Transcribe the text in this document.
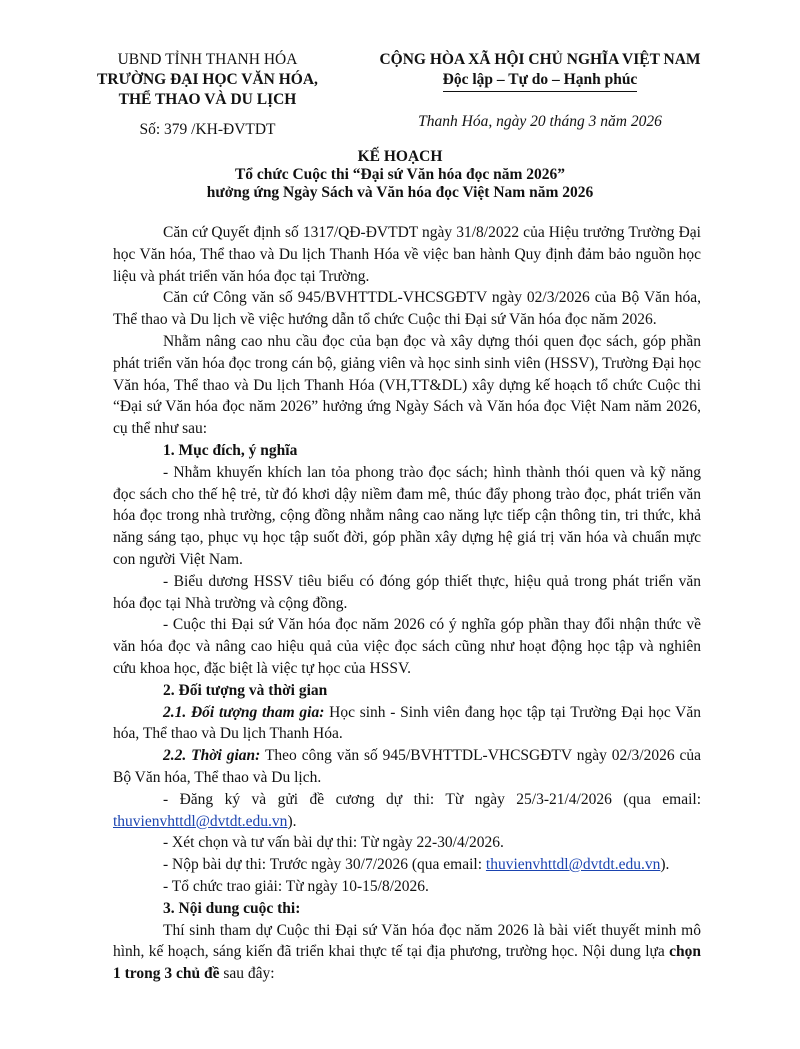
UBND TỈNH THANH HÓA
TRƯỜNG ĐẠI HỌC VĂN HÓA,
THỂ THAO VÀ DU LỊCH
Số: 379 /KH-ĐVTDT
CỘNG HÒA XÃ HỘI CHỦ NGHĨA VIỆT NAM
Độc lập – Tự do – Hạnh phúc
Thanh Hóa, ngày 20 tháng 3 năm 2026
KẾ HOẠCH
Tổ chức Cuộc thi “Đại sứ Văn hóa đọc năm 2026”
hưởng ứng Ngày Sách và Văn hóa đọc Việt Nam năm 2026

Căn cứ Quyết định số 1317/QĐ-ĐVTDT ngày 31/8/2022 của Hiệu trưởng Trường Đại học Văn hóa, Thể thao và Du lịch Thanh Hóa về việc ban hành Quy định đảm bảo nguồn học liệu và phát triển văn hóa đọc tại Trường.

Căn cứ Công văn số 945/BVHTTDL-VHCSGĐTV ngày 02/3/2026 của Bộ Văn hóa, Thể thao và Du lịch về việc hướng dẫn tổ chức Cuộc thi Đại sứ Văn hóa đọc năm 2026.

Nhằm nâng cao nhu cầu đọc của bạn đọc và xây dựng thói quen đọc sách, góp phần phát triển văn hóa đọc trong cán bộ, giảng viên và học sinh sinh viên (HSSV), Trường Đại học Văn hóa, Thể thao và Du lịch Thanh Hóa (VH,TT&DL) xây dựng kế hoạch tổ chức Cuộc thi “Đại sứ Văn hóa đọc năm 2026” hưởng ứng Ngày Sách và Văn hóa đọc Việt Nam năm 2026, cụ thể như sau:

1. Mục đích, ý nghĩa

- Nhằm khuyến khích lan tỏa phong trào đọc sách; hình thành thói quen và kỹ năng đọc sách cho thế hệ trẻ, từ đó khơi dậy niềm đam mê, thúc đẩy phong trào đọc, phát triển văn hóa đọc trong nhà trường, cộng đồng nhằm nâng cao năng lực tiếp cận thông tin, tri thức, khả năng sáng tạo, phục vụ học tập suốt đời, góp phần xây dựng hệ giá trị văn hóa và chuẩn mực con người Việt Nam.

- Biểu dương HSSV tiêu biểu có đóng góp thiết thực, hiệu quả trong phát triển văn hóa đọc tại Nhà trường và cộng đồng.

- Cuộc thi Đại sứ Văn hóa đọc năm 2026 có ý nghĩa góp phần thay đổi nhận thức về văn hóa đọc và nâng cao hiệu quả của việc đọc sách cũng như hoạt động học tập và nghiên cứu khoa học, đặc biệt là việc tự học của HSSV.

2. Đối tượng và thời gian

2.1. Đối tượng tham gia: Học sinh - Sinh viên đang học tập tại Trường Đại học Văn hóa, Thể thao và Du lịch Thanh Hóa.

2.2. Thời gian: Theo công văn số 945/BVHTTDL-VHCSGĐTV ngày 02/3/2026 của Bộ Văn hóa, Thể thao và Du lịch.

- Đăng ký và gửi đề cương dự thi: Từ ngày 25/3-21/4/2026 (qua email: thuvienvhttdl@dvtdt.edu.vn).

- Xét chọn và tư vấn bài dự thi: Từ ngày 22-30/4/2026.

- Nộp bài dự thi: Trước ngày 30/7/2026 (qua email: thuvienvhttdl@dvtdt.edu.vn).

- Tổ chức trao giải: Từ ngày 10-15/8/2026.

3. Nội dung cuộc thi:

Thí sinh tham dự Cuộc thi Đại sứ Văn hóa đọc năm 2026 là bài viết thuyết minh mô hình, kế hoạch, sáng kiến đã triển khai thực tế tại địa phương, trường học. Nội dung lựa chọn 1 trong 3 chủ đề sau đây:
